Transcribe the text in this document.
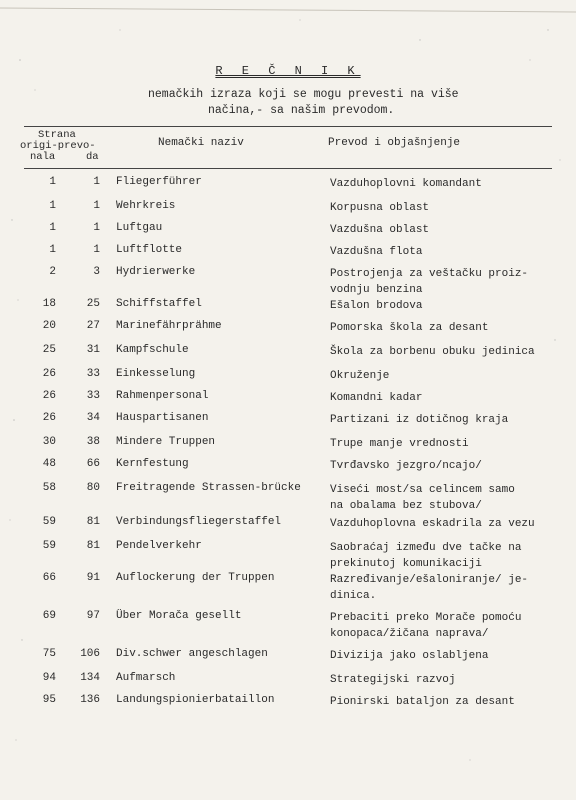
R E Č N I K
nemačkih izraza koji se mogu prevesti na više
načina,- sa našim prevodom.
Strana
origi-prevo-
nala	da
Nemački naziv	Prevod i objašnjenje
1	1 Fliegerführer	Vazduhoplovni komandant
1	1 Wehrkreis	Korpusna oblast
1	1 Luftgau	Vazdušna oblast
1	1 Luftflotte	Vazdušna flota
2	3 Hydrierwerke	Postrojenja za veštačku proiz-
vodnju benzina
18	25 Schiffstaffel	Ešalon brodova
20	27 Marinefährprähme	Pomorska škola za desant
25	31 Kampfschule	Škola za borbenu obuku jedinica
26	33 Einkesselung	Okruženje
26	33 Rahmenpersonal	Komandni kadar
26	34 Hauspartisanen	Partizani iz dotičnog kraja
30	38 Mindere Truppen	Trupe manje vrednosti
48	66 Kernfestung	Tvrđavsko jezgro/ncajo/
58	80 Freitragende Strassen-brücke	Viseći most/sa celincem samo
na obalama bez stubova/
59	81 Verbindungsfliegerstaffel	Vazduhoplovna eskadrila za vezu
59	81 Pendelverkehr	Saobraćaj između dve tačke na
prekinutoj komunikaciji
66	91 Auflockerung der Truppen	Razređivanje/ešaloniranje/ je-
dinica.
69	97 Über Morača gesellt	Prebaciti preko Morače pomoću
konopaca/žičana naprava/
75	106 Div.schwer angeschlagen	Divizija jako oslabljena
94	134 Aufmarsch	Strategijski razvoj
95	136 Landungspionierbataillon	Pionirski bataljon za desant
